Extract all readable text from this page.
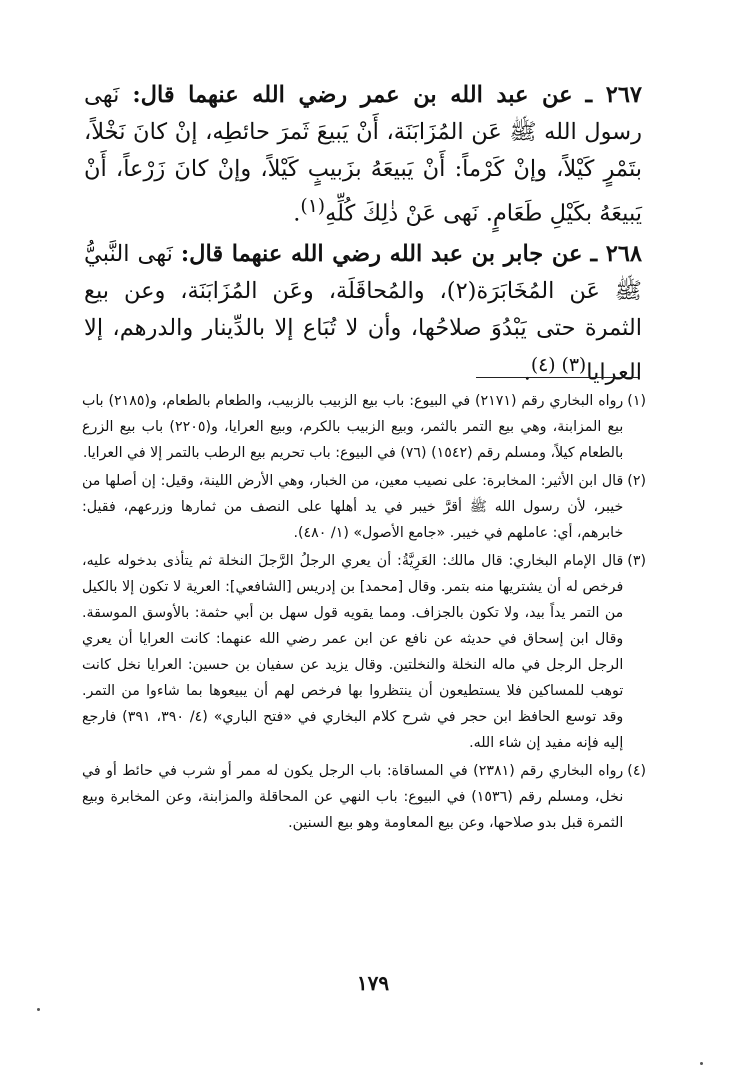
٢٦٧ ـ عن عبد الله بن عمر رضي الله عنهما قال: نَهى رسول الله ﷺ عَن المُزَابَنَة، أَنْ يَبيعَ ثَمرَ حائطِه، إنْ كانَ نَخْلاً، بتَمْرٍ كَيْلاً، وإنْ كَرْماً: أَنْ يَبيعَهُ بزَبيبٍ كَيْلاً، وإنْ كانَ زَرْعاً، أَنْ يَبيعَهُ بكَيْلِ طَعَامٍ. نَهى عَنْ ذٰلِكَ كُلِّهِ$^{(١)}$.
٢٦٨ ـ عن جابر بن عبد الله رضي الله عنهما قال: نَهى النَّبيُّ ﷺ عَن المُخَابَرَة(٢)، والمُحاقَلَة، وعَن المُزَابَنَة، وعن بيع الثمرة حتى يَبْدُوَ صلاحُها، وأن لا تُبَاع إلا بالدِّينار والدرهم، إلا العرايا$^{(٣) (٤)}$.
(١)
رواه البخاري رقم (٢١٧١) في البيوع: باب بيع الزبيب بالزبيب، والطعام بالطعام، و(٢١٨٥) باب بيع المزابنة، وهي بيع التمر بالثمر، وبيع الزبيب بالكرم، وبيع العرايا، و(٢٢٠٥) باب بيع الزرع بالطعام كيلاً، ومسلم رقم (١٥٤٢) (٧٦) في البيوع: باب تحريم بيع الرطب بالتمر إلا في العرايا.
(٢)
قال ابن الأثير: المخابرة: على نصيب معين، من الخبار، وهي الأرض اللينة، وقيل: إن أصلها من خيبر، لأن رسول الله ﷺ أقرَّ خيبر في يد أهلها على النصف من ثمارها وزرعهم، فقيل: خابرهم، أي: عاملهم في خيبر. «جامع الأصول» (١/ ٤٨٠).
(٣)
قال الإمام البخاري: قال مالك: العَرِيَّةُ: أن يعري الرجلُ الرَّجلَ النخلة ثم يتأذى بدخوله عليه، فرخص له أن يشتريها منه بتمر. وقال [محمد] بن إدريس [الشافعي]: العرية لا تكون إلا بالكيل من التمر يداً بيد، ولا تكون بالجزاف. ومما يقويه قول سهل بن أبي حثمة: بالأوسق الموسقة. وقال ابن إسحاق في حديثه عن نافع عن ابن عمر رضي الله عنهما: كانت العرايا أن يعري الرجل الرجل في ماله النخلة والنخلتين. وقال يزيد عن سفيان بن حسين: العرايا نخل كانت توهب للمساكين فلا يستطيعون أن ينتظروا بها فرخص لهم أن يبيعوها بما شاءوا من التمر. وقد توسع الحافظ ابن حجر في شرح كلام البخاري في «فتح الباري» (٤/ ٣٩٠، ٣٩١) فارجع إليه فإنه مفيد إن شاء الله.
(٤)
رواه البخاري رقم (٢٣٨١) في المساقاة: باب الرجل يكون له ممر أو شرب في حائط أو في نخل، ومسلم رقم (١٥٣٦) في البيوع: باب النهي عن المحاقلة والمزابنة، وعن المخابرة وبيع الثمرة قبل بدو صلاحها، وعن بيع المعاومة وهو بيع السنين.
١٧٩
